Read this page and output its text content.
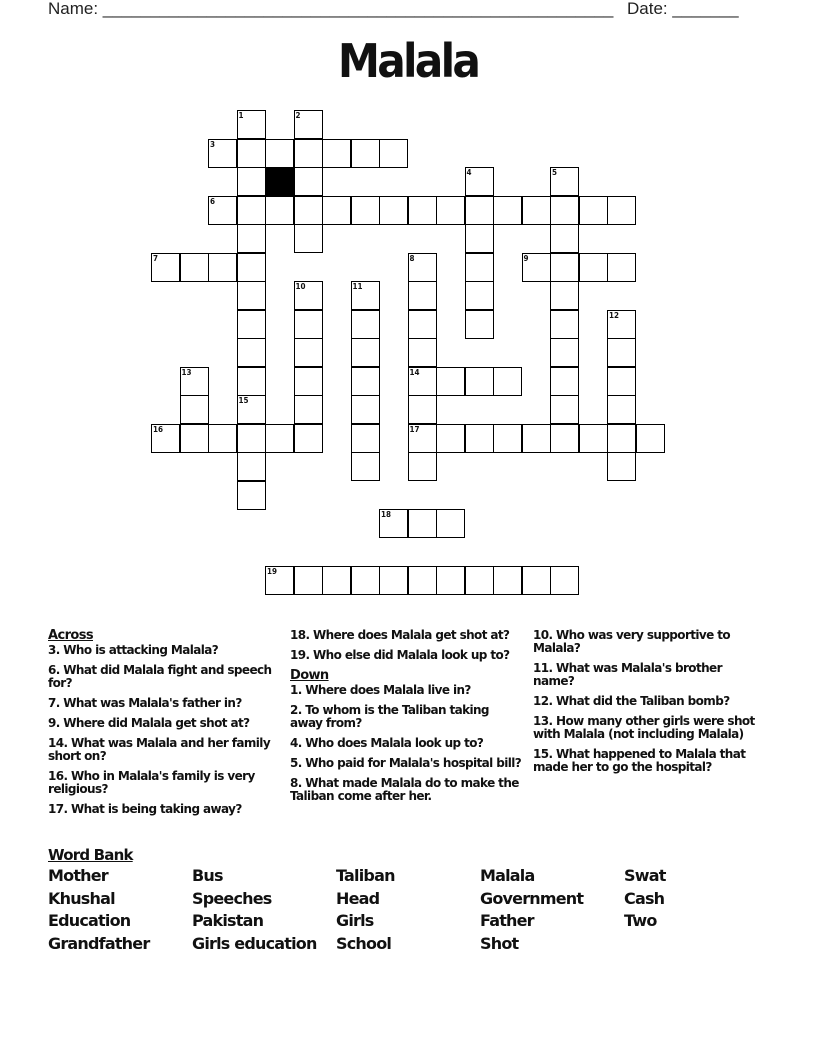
Name: ______________________________________________________ Date: _______
Malala
1
15
2
3
4	5
6
7	8
14
17
9
10	11
12
13
16
18
19
Across
3. Who is attacking Malala?
6. What did Malala fight and speech for?
7. What was Malala's father in?
9. Where did Malala get shot at?
14. What was Malala and her family short on?
16. Who in Malala's family is very religious?
17. What is being taking away?
18. Where does Malala get shot at?
19. Who else did Malala look up to?
Down
1. Where does Malala live in?
2. To whom is the Taliban taking away from?
4. Who does Malala look up to?
5. Who paid for Malala's hospital bill?
8. What made Malala do to make the Taliban come after her.
10. Who was very supportive to Malala?
11. What was Malala's brother name?
12. What did the Taliban bomb?
13. How many other girls were shot with Malala (not including Malala)
15. What happened to Malala that made her to go the hospital?
Word Bank
Mother
Khushal
Education
Grandfather
Bus
Speeches
Pakistan
Girls education
Taliban
Head
Girls
School
Malala
Government
Father
Shot
Swat
Cash
Two
